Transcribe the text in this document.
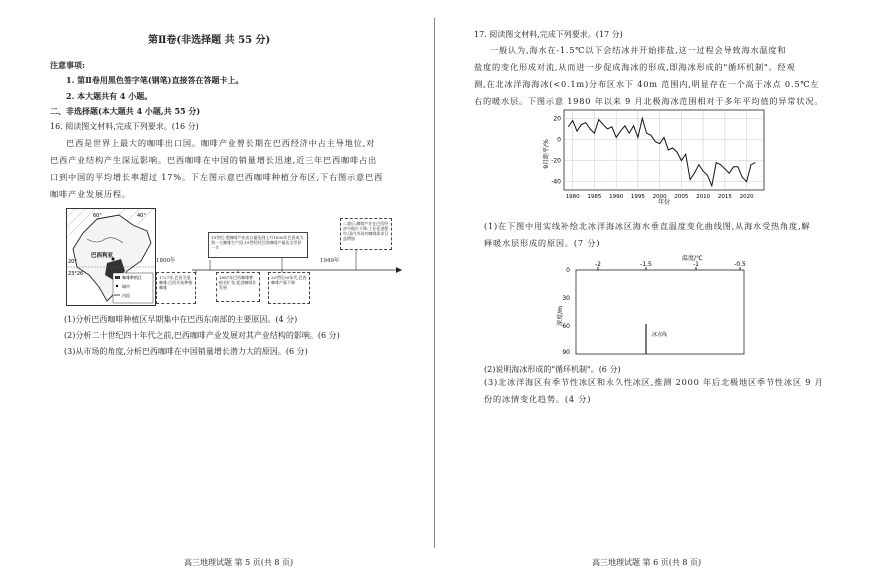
第Ⅱ卷(非选择题 共 55 分)
注意事项:
1. 第Ⅱ卷用黑色签字笔(钢笔)直接答在答题卡上。
2. 本大题共有 4 小题。
二、非选择题(本大题共 4 小题,共 55 分)
16. 阅读图文材料,完成下列要求。(16 分)
巴西是世界上最大的咖啡出口国。咖啡产业曾长期在巴西经济中占主导地位,对
巴西产业结构产生深远影响。巴西咖啡在中国的销量增长迅速,近三年巴西咖啡占出
口到中国的平均增长率超过 17%。下左图示意巴西咖啡种植分布区,下右图示意巴西
咖啡产业发展历程。
咖啡种植区
城市
河流
60°	40°
20°
23°26′
巴西利亚
1800年	1949年
19世纪,把咖啡产业出口量达到上升1800年巴西成为第一大咖啡生产国,19世纪时巴西咖啡产量达全世界一半
二战后,咖啡产业在巴西经济中地位下降,工业化进程中,国内市场对咖啡需求日益增加
1727年,巴西引进咖啡,巴西开始种植咖啡
1887年巴西咖啡种植业扩张,促进咖啡业发展
20世纪30年代,巴西咖啡产量下降
(1)分析巴西咖啡种植区早期集中在巴西东南部的主要原因。(4 分)
(2)分析二十世纪四十年代之前,巴西咖啡产业发展对其产业结构的影响。(6 分)
(3)从市场的角度,分析巴西咖啡在中国销量增长潜力大的原因。(6 分)
高三地理试题 第 5 页(共 8 页)
17. 阅读图文材料,完成下列要求。(17 分)
一般认为,海水在-1.5℃以下会结冰并开始排盐,这一过程会导致海水温度和
盐度的变化形成对流,从而进一步促成海冰的形成,即海冰形成的"循环机制"。经观
测,在北冰洋海海冰(<0.1m)分布区水下 40m 范围内,明显存在一个高于冰点 0.5℃左
右的暖水层。下图示意 1980 年以来 9 月北极海冰范围相对于多年平均值的异常状况。
20
0
-20
-40
1980 1985 1990 1995 2000 2005 2010 2015 2020
9月距平/%
年份
(1)在下图中用实线补绘北冰洋海冰区海水垂直温度变化曲线图,从海水受热角度,解
释暖水层形成的原因。(7 分)
温度/℃
-2	-1.5	-1	-0.5
0
30
60
90
深度/m
冰点线
(2)说明海冰形成的"循环机制"。(6 分)
(3)北冰洋海区有季节性冰区和永久性冰区,推测 2000 年后北极地区季节性冰区 9 月
份的冰情变化趋势。(4 分)
高三地理试题 第 6 页(共 8 页)
